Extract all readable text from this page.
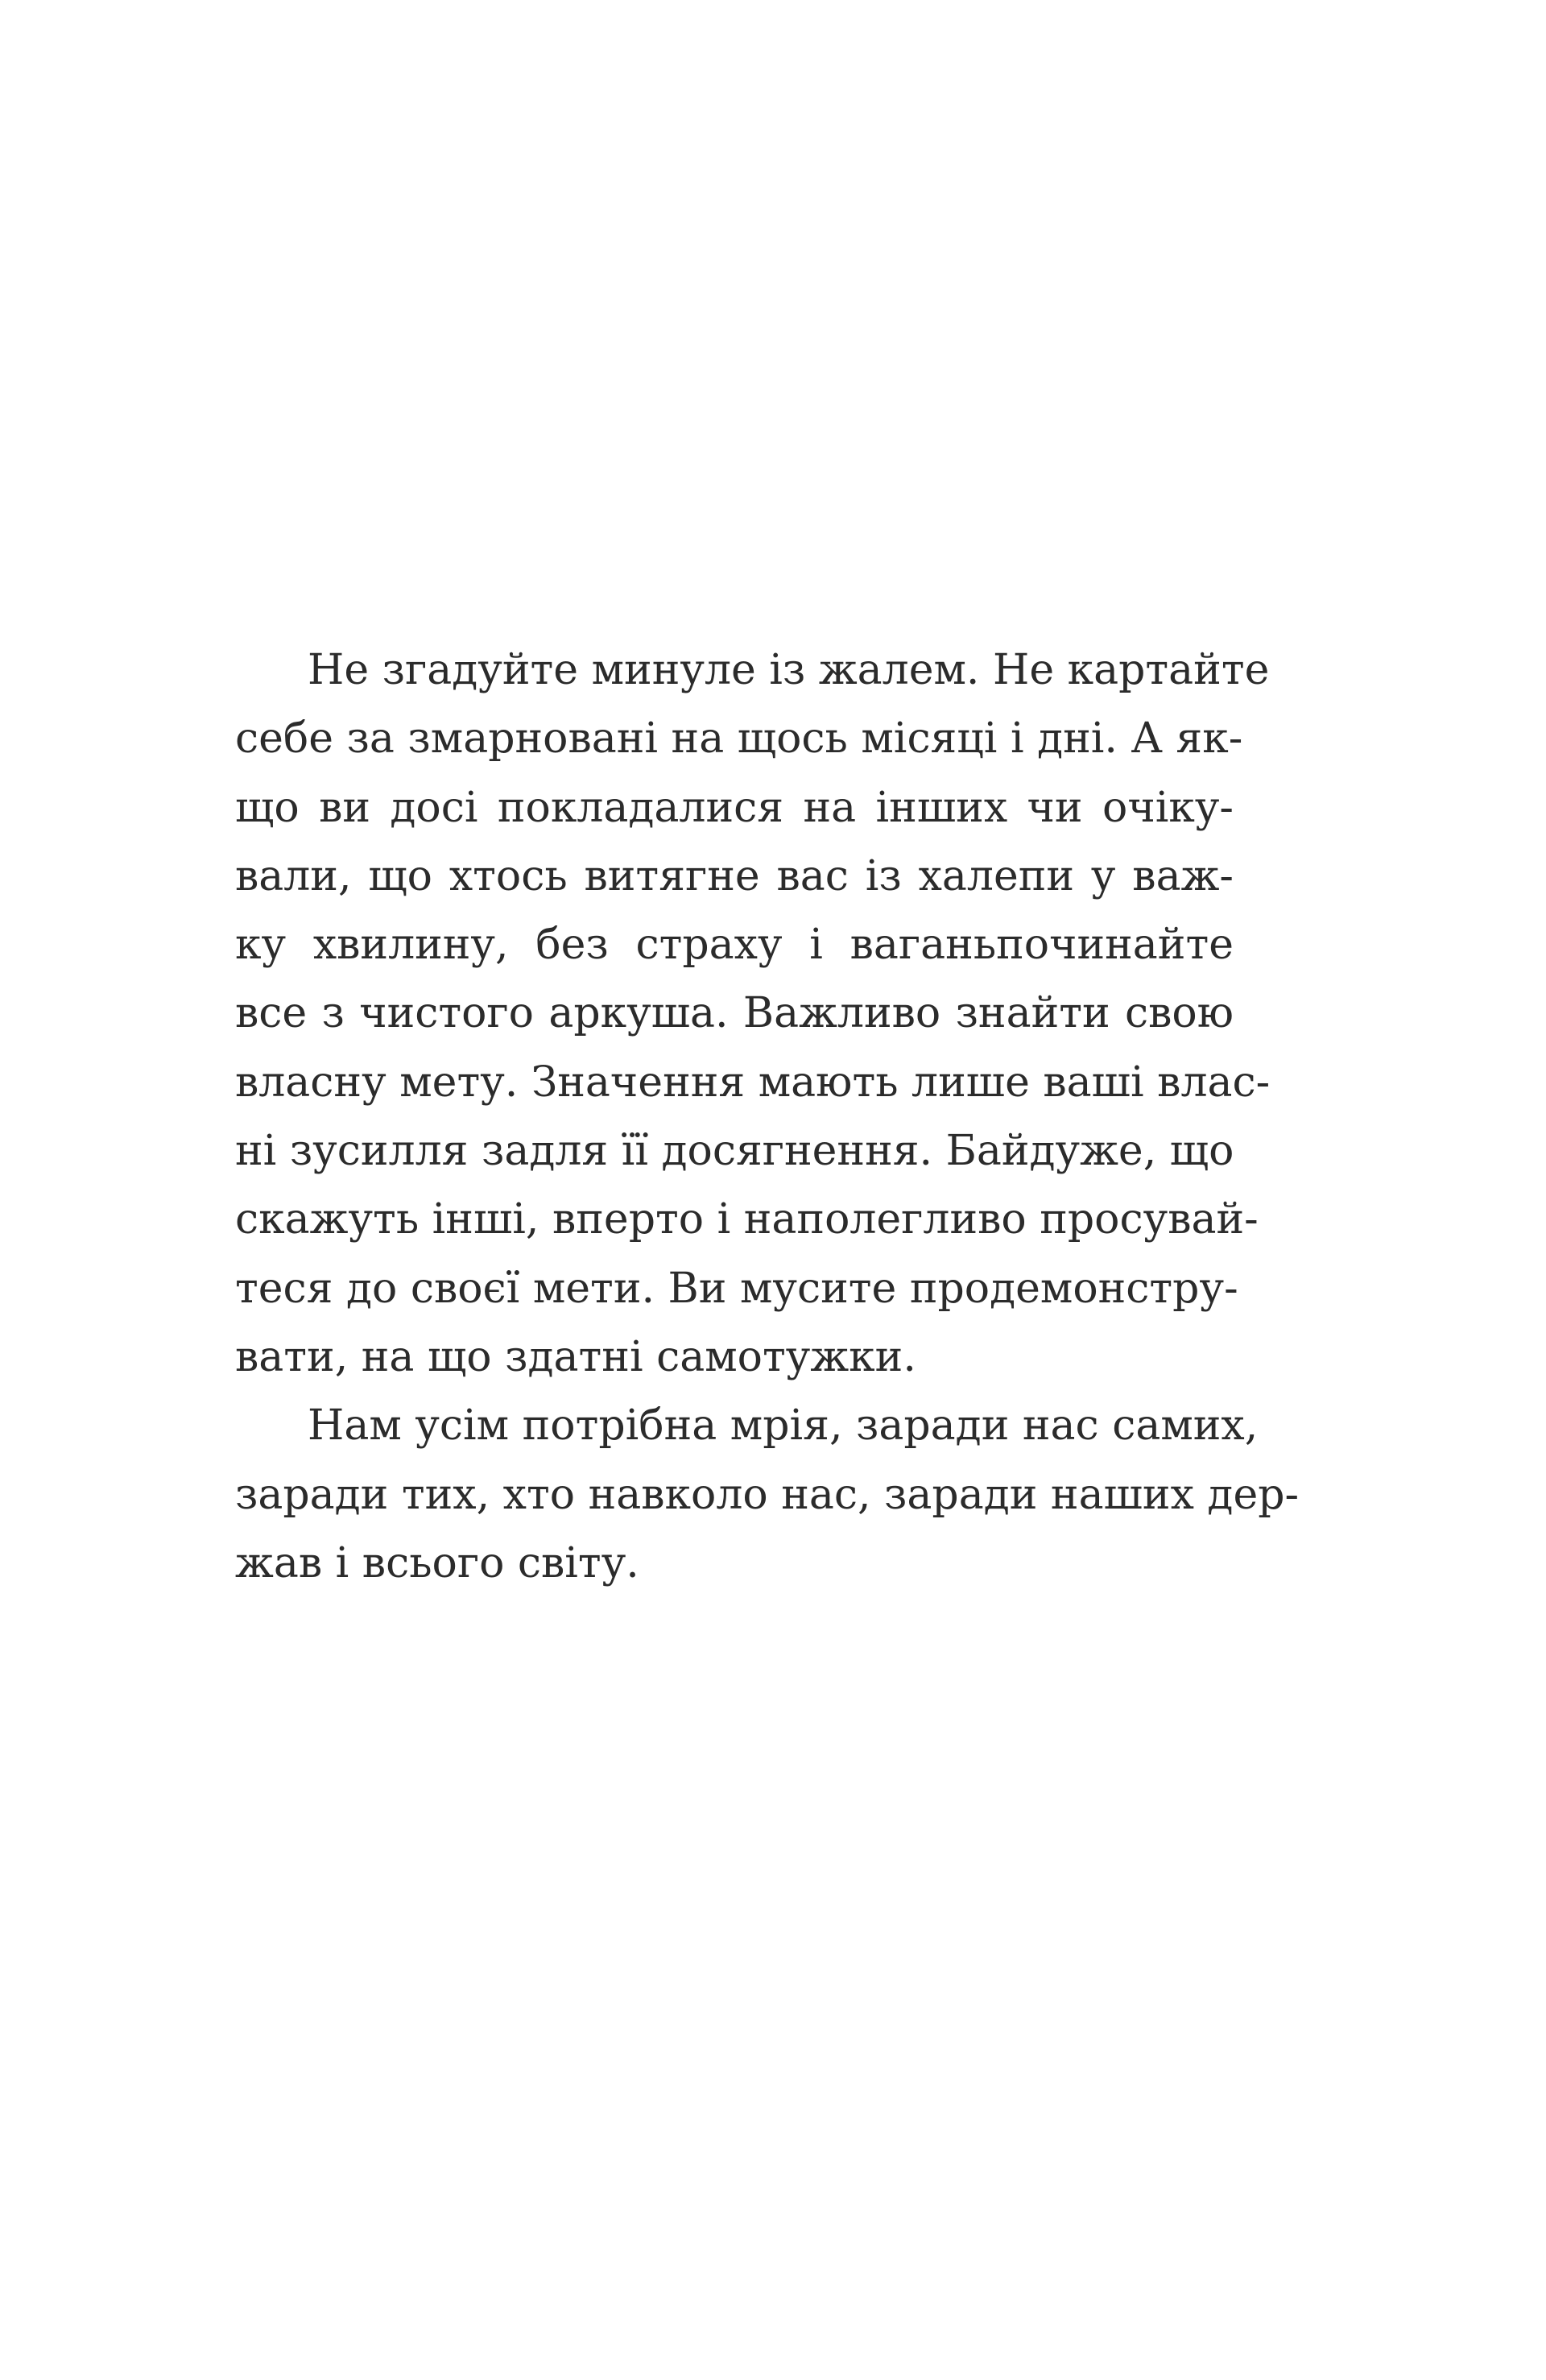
Не згадуйте минуле із жалем. Не картайте
себе за змарновані на щось місяці і дні. А як-
що ви досі покладалися на інших чи очіку-
вали, що хтось витягне вас із халепи у важ-
ку хвилину, без страху і ваганьпочинайте
все з чистого аркуша. Важливо знайти свою
власну мету. Значення мають лише ваші влас-
ні зусилля задля її досягнення. Байдуже, що
скажуть інші, вперто і наполегливо просувай-
теся до своєї мети. Ви мусите продемонстру-
вати, на що здатні самотужки.
Нам усім потрібна мрія, заради нас самих,
заради тих, хто навколо нас, заради наших дер-
жав і всього світу.
